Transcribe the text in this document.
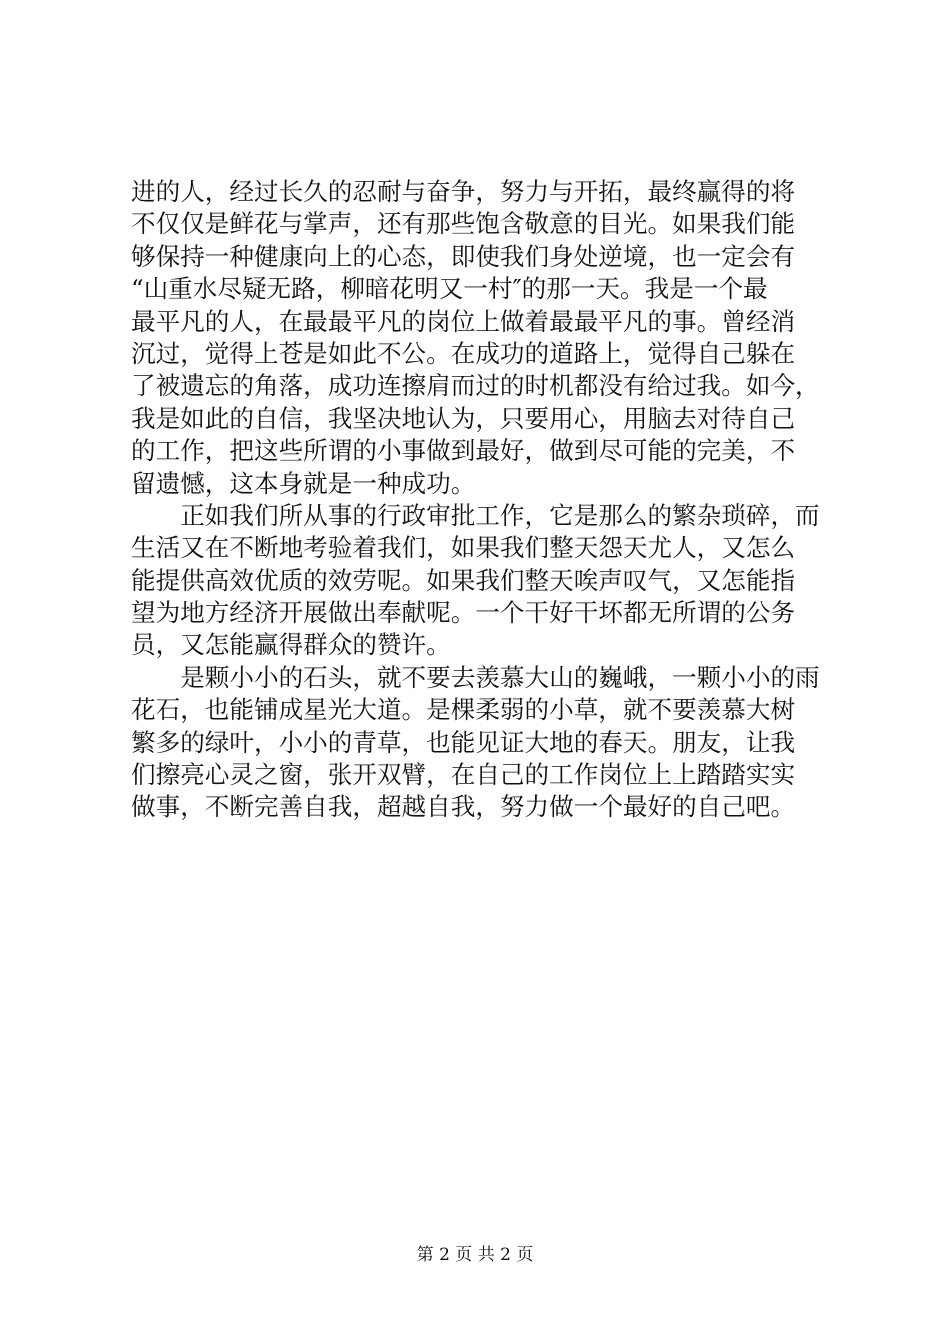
进的人，经过长久的忍耐与奋争，努力与开拓，最终赢得的将
不仅仅是鲜花与掌声，还有那些饱含敬意的目光。如果我们能
够保持一种健康向上的心态，即使我们身处逆境，也一定会有
“山重水尽疑无路，柳暗花明又一村″的那一天。我是一个最
最平凡的人，在最最平凡的岗位上做着最最平凡的事。曾经消
沉过，觉得上苍是如此不公。在成功的道路上，觉得自己躲在
了被遗忘的角落，成功连擦肩而过的时机都没有给过我。如今，
我是如此的自信，我坚决地认为，只要用心，用脑去对待自己
的工作，把这些所谓的小事做到最好，做到尽可能的完美，不
留遗憾，这本身就是一种成功。
　　正如我们所从事的行政审批工作，它是那么的繁杂琐碎，而
生活又在不断地考验着我们，如果我们整天怨天尤人，又怎么
能提供高效优质的效劳呢。如果我们整天唉声叹气，又怎能指
望为地方经济开展做出奉献呢。一个干好干坏都无所谓的公务
员，又怎能赢得群众的赞许。
　　是颗小小的石头，就不要去羡慕大山的巍峨，一颗小小的雨
花石，也能铺成星光大道。是棵柔弱的小草，就不要羡慕大树
繁多的绿叶，小小的青草，也能见证大地的春天。朋友，让我
们擦亮心灵之窗，张开双臂，在自己的工作岗位上上踏踏实实
做事，不断完善自我，超越自我，努力做一个最好的自己吧。
第 2 页 共 2 页
